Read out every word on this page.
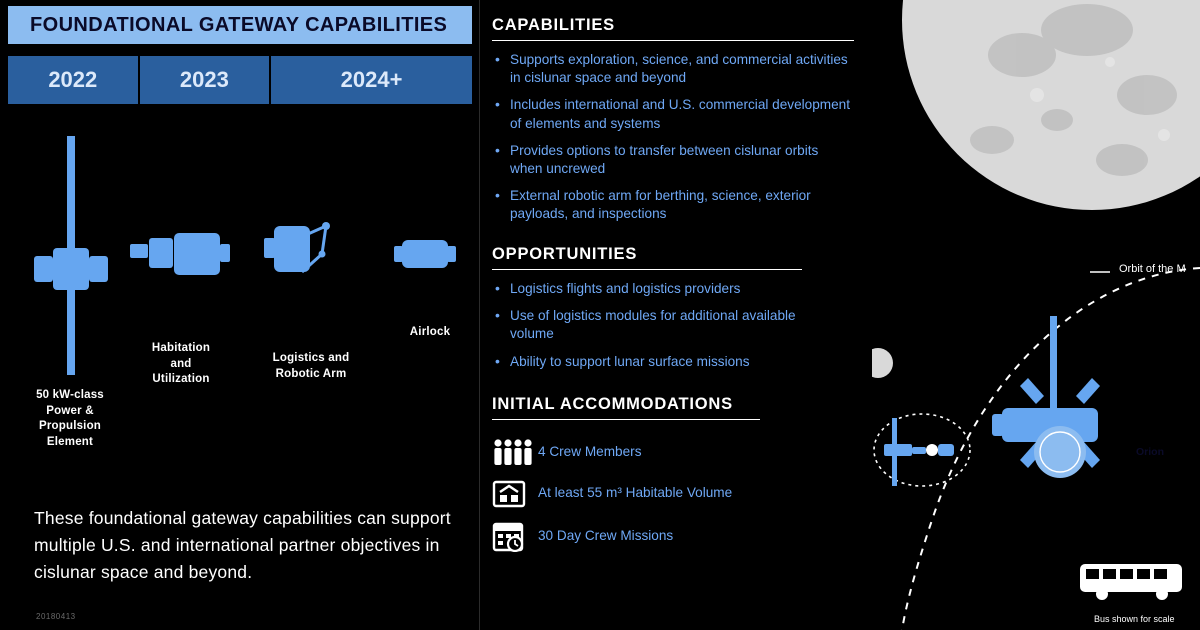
FOUNDATIONAL GATEWAY CAPABILITIES
2022	2023	2024+
50 kW-class
Power &
Propulsion
Element
Habitation
and
Utilization
Logistics and
Robotic Arm
Airlock
These foundational gateway capabilities can support multiple U.S. and international partner objectives in cislunar space and beyond.
20180413
CAPABILITIES
• Supports exploration, science, and commercial activities in cislunar space and beyond
• Includes international and U.S. commercial development of elements and systems
• Provides options to transfer between cislunar orbits when uncrewed
• External robotic arm for berthing, science, exterior payloads, and inspections
OPPORTUNITIES
• Logistics flights and logistics providers
• Use of logistics modules for additional available volume
• Ability to support lunar surface missions
INITIAL ACCOMMODATIONS
4 Crew Members
At least 55 m³ Habitable Volume
30 Day Crew Missions
Orbit of the M
Orion
Bus shown for scale
